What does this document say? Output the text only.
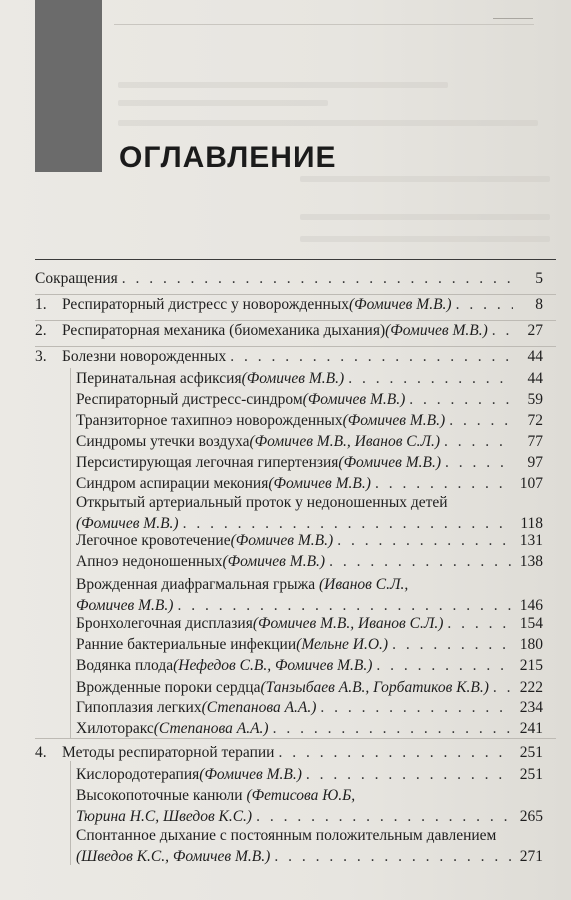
ОГЛАВЛЕНИЕ
Сокращения . . .	5
1. Респираторный дистресс у новорожденных (Фомичев М.В.) . . .	8
2. Респираторная механика (биомеханика дыхания) (Фомичев М.В.) . . .	27
3. Болезни новорожденных . . .	44
Перинатальная асфиксия (Фомичев М.В.) . . .	44
Респираторный дистресс-синдром (Фомичев М.В.) . . .	59
Транзиторное тахипноэ новорожденных (Фомичев М.В.) . . .	72
Синдромы утечки воздуха (Фомичев М.В., Иванов С.Л.) . . .	77
Персистирующая легочная гипертензия (Фомичев М.В.) . . .	97
Синдром аспирации мекония (Фомичев М.В.) . . .	107
Открытый артериальный проток у недоношенных детей
(Фомичев М.В.) . . .	118
Легочное кровотечение (Фомичев М.В.) . . .	131
Апноэ недоношенных (Фомичев М.В.) . . .	138
Врожденная диафрагмальная грыжа (Иванов С.Л.,
Фомичев М.В.) . . .	146
Бронхолегочная дисплазия (Фомичев М.В., Иванов С.Л.) . . .	154
Ранние бактериальные инфекции (Мельне И.О.) . . .	180
Водянка плода (Нефедов С.В., Фомичев М.В.) . . .	215
Врожденные пороки сердца (Танзыбаев А.В., Горбатиков К.В.) . . . 222
Гипоплазия легких (Степанова А.А.) . . .	234
Хилоторакс (Степанова А.А.) . . .	241
4. Методы респираторной терапии . . .	251
Кислородотерапия (Фомичев М.В.) . . .	251
Высокопоточные канюли (Фетисова Ю.Б,
Тюрина Н.С, Шведов К.С.) . . .	265
Спонтанное дыхание с постоянным положительным давлением
(Шведов К.С., Фомичев М.В.) . . .	271
